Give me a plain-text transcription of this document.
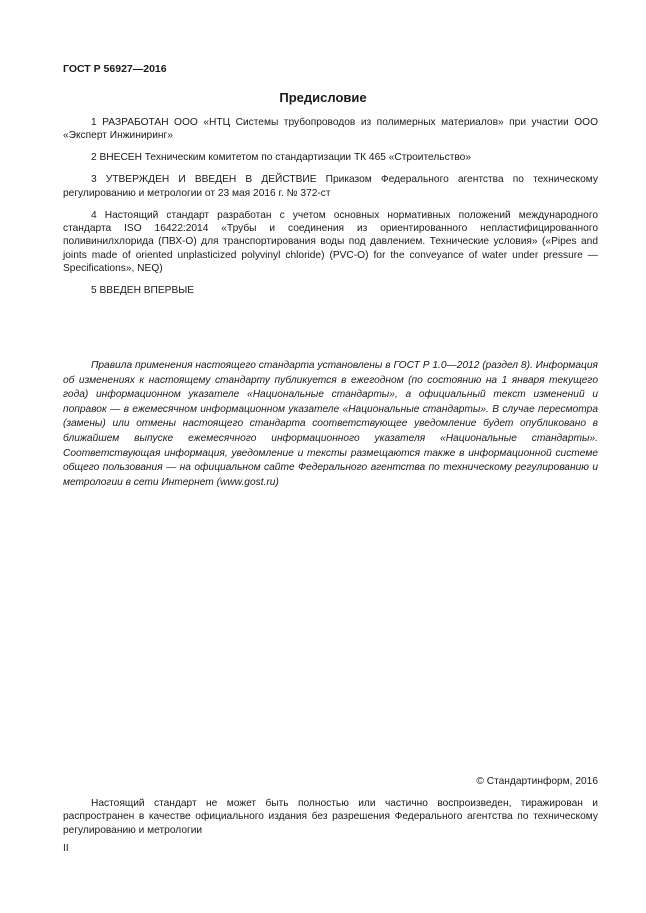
ГОСТ Р 56927—2016
Предисловие

1 РАЗРАБОТАН ООО «НТЦ Системы трубопроводов из полимерных материалов» при участии ООО «Эксперт Инжиниринг»

2 ВНЕСЕН Техническим комитетом по стандартизации ТК 465 «Строительство»

3 УТВЕРЖДЕН И ВВЕДЕН В ДЕЙСТВИЕ Приказом Федерального агентства по техническому регулированию и метрологии от 23 мая 2016 г. № 372-ст

4 Настоящий стандарт разработан с учетом основных нормативных положений международного стандарта ISO 16422:2014 «Трубы и соединения из ориентированного непластифицированного поливинилхлорида (ПВХ-О) для транспортирования воды под давлением. Технические условия» («Pipes and joints made of oriented unplasticized polyvinyl chloride) (PVC-O) for the conveyance of water under pressure — Specifications», NEQ)

5 ВВЕДЕН ВПЕРВЫЕ

Правила применения настоящего стандарта установлены в ГОСТ Р 1.0—2012 (раздел 8). Информация об изменениях к настоящему стандарту публикуется в ежегодном (по состоянию на 1 января текущего года) информационном указателе «Национальные стандарты», а официальный текст изменений и поправок — в ежемесячном информационном указателе «Национальные стандарты». В случае пересмотра (замены) или отмены настоящего стандарта соответствующее уведомление будет опубликовано в ближайшем выпуске ежемесячного информационного указателя «Национальные стандарты». Соответствующая информация, уведомление и тексты размещаются также в информационной системе общего пользования — на официальном сайте Федерального агентства по техническому регулированию и метрологии в сети Интернет (www.gost.ru)

© Стандартинформ, 2016

Настоящий стандарт не может быть полностью или частично воспроизведен, тиражирован и распространен в качестве официального издания без разрешения Федерального агентства по техническому регулированию и метрологии

II
